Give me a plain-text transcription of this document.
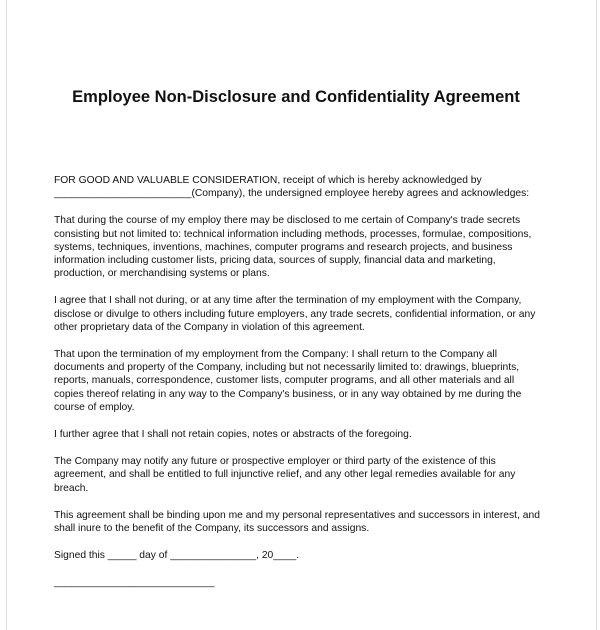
Employee Non-Disclosure and Confidentiality Agreement

FOR GOOD AND VALUABLE CONSIDERATION, receipt of which is hereby acknowledged by ________________________(Company), the undersigned employee hereby agrees and acknowledges:

That during the course of my employ there may be disclosed to me certain of Company's trade secrets consisting but not limited to: technical information including methods, processes, formulae, compositions, systems, techniques, inventions, machines, computer programs and research projects, and business information including customer lists, pricing data, sources of supply, financial data and marketing, production, or merchandising systems or plans.

I agree that I shall not during, or at any time after the termination of my employment with the Company, disclose or divulge to others including future employers, any trade secrets, confidential information, or any other proprietary data of the Company in violation of this agreement.

That upon the termination of my employment from the Company: I shall return to the Company all documents and property of the Company, including but not necessarily limited to: drawings, blueprints, reports, manuals, correspondence, customer lists, computer programs, and all other materials and all copies thereof relating in any way to the Company's business, or in any way obtained by me during the course of employ.

I further agree that I shall not retain copies, notes or abstracts of the foregoing.

The Company may notify any future or prospective employer or third party of the existence of this agreement, and shall be entitled to full injunctive relief, and any other legal remedies available for any breach.

This agreement shall be binding upon me and my personal representatives and successors in interest, and shall inure to the benefit of the Company, its successors and assigns.

Signed this _____ day of _______________, 20____.

____________________________
